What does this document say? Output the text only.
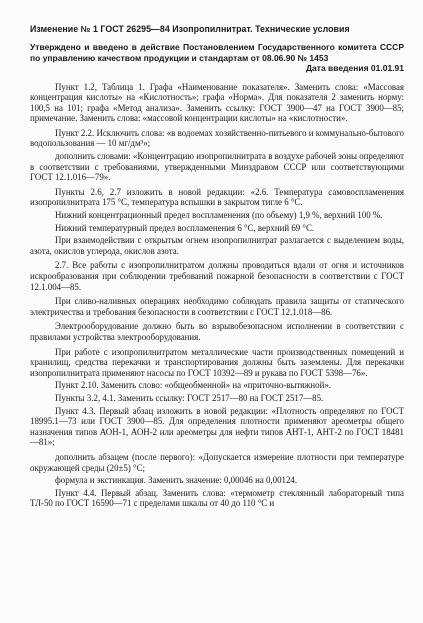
Изменение № 1 ГОСТ 26295—84 Изопропилнитрат. Технические условия
Утверждено и введено в действие Постановлением Государственного комитета СССР по управлению качеством продукции и стандартам от 08.06.90 № 1453
Дата введения 01.01.91

Пункт 1.2, Таблица 1. Графа «Наименование показателя». Заменить слова: «Массовая концентрация кислоты» на «Кислотность»; графа «Норма». Для показателя 2 заменить норму: 100,5 на 101; графа «Метод анализа». Заменить ссылку: ГОСТ 3900—47 на ГОСТ 3900—85; примечание. Заменить слова: «массовой концентрации кислоты» на «кислотности».

Пункт 2.2. Исключить слова: «в водоемах хозяйственно-питьевого и коммунально-бытового водопользования — 10 мг/дм³»;

дополнить словами: «Концентрацию изопропилнитрата в воздухе рабочей зоны определяют в соответствии с требованиями, утвержденными Минздравом СССР или соответствующими ГОСТ 12.1.016—79».

Пункты 2.6, 2.7 изложить в новой редакции: «2.6. Температура самовоспламенения изопропилнитрата 175 °С, температура вспышки в закрытом тигле 6 °С.

Нижний концентрационный предел воспламенения (по объему) 1,9 %, верхний 100 %.

Нижний температурный предел воспламенения 6 °С, верхний 69 °С.

При взаимодействии с открытым огнем изопропилнитрат разлагается с выделением воды, азота, окислов углерода, окислов азота.

2.7. Все работы с изопропилнитратом должны проводиться вдали от огня и источников искрообразования при соблюдении требований пожарной безопасности в соответствии с ГОСТ 12.1.004—85.

При сливо-наливных операциях необходимо соблюдать правила защиты от статического электричества и требования безопасности в соответствии с ГОСТ 12.1.018—86.

Электрооборудование должно быть во взрывобезопасном исполнении в соответствии с правилами устройства электрооборудования.

При работе с изопропилнитратом металлические части производственных помещений и хранилищ, средства перекачки и транспортирования должны быть заземлены. Для перекачки изопропилнитрата применяют насосы по ГОСТ 10392—89 и рукава по ГОСТ 5398—76».

Пункт 2.10. Заменить слово: «общеобменной» на «приточно-вытяжной».

Пункты 3.2, 4.1. Заменить ссылку: ГОСТ 2517—80 на ГОСТ 2517—85.

Пункт 4.3. Первый абзац изложить в новой редакции: «Плотность определяют по ГОСТ 18995.1—73 или ГОСТ 3900—85. Для определения плотности применяют ареометры общего назначения типов АОН-1, АОН-2 или ареометры для нефти типов АНТ-1, АНТ-2 по ГОСТ 18481—81»;

дополнить абзацем (после первого): «Допускается измерение плотности при температуре окружающей среды (20±5) °С;

формула и экстинкация. Заменить значение: 0,00046 на 0,00124.

Пункт 4.4. Первый абзац. Заменить слова: «термометр стеклянный лабораторный типа ТЛ-50 по ГОСТ 16590—71 с пределами шкалы от 40 до 110 °С и
